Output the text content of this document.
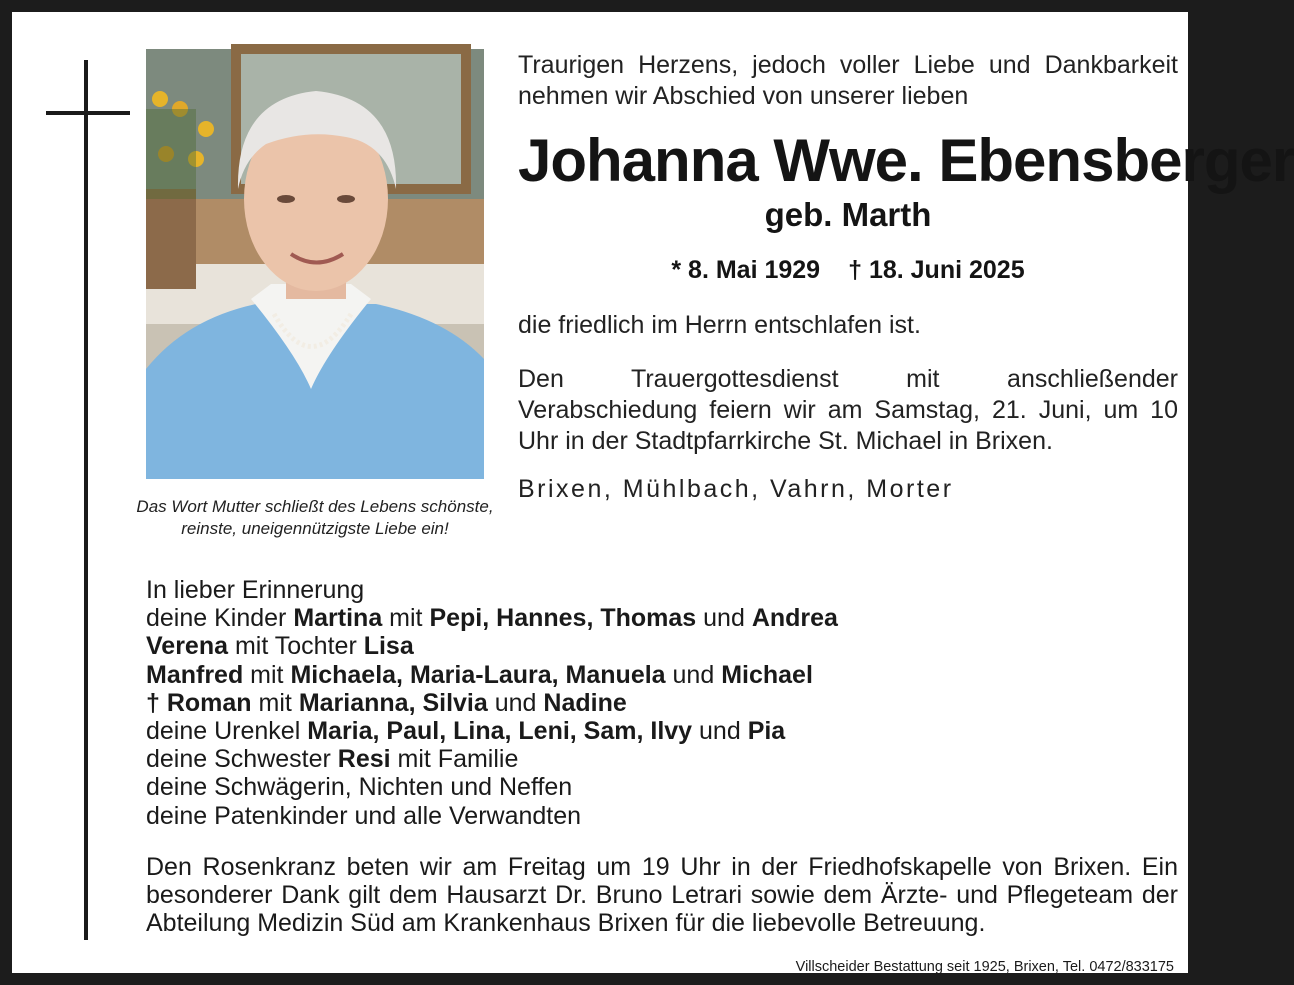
Das Wort Mutter schließt des Lebens schönste, reinste, uneigennützigste Liebe ein!
Traurigen Herzens, jedoch voller Liebe und Dankbarkeit nehmen wir Abschied von unserer lieben
Johanna Wwe. Ebensberger
geb. Marth
* 8. Mai 1929 † 18. Juni 2025
die friedlich im Herrn entschlafen ist.
Den Trauergottesdienst mit anschließender Verabschiedung feiern wir am Samstag, 21. Juni, um 10 Uhr in der Stadtpfarrkirche St. Michael in Brixen.
Brixen, Mühlbach, Vahrn, Morter
In lieber Erinnerung
deine Kinder Martina mit Pepi, Hannes, Thomas und Andrea
Verena mit Tochter Lisa
Manfred mit Michaela, Maria-Laura, Manuela und Michael
† Roman mit Marianna, Silvia und Nadine
deine Urenkel Maria, Paul, Lina, Leni, Sam, Ilvy und Pia
deine Schwester Resi mit Familie
deine Schwägerin, Nichten und Neffen
deine Patenkinder und alle Verwandten
Den Rosenkranz beten wir am Freitag um 19 Uhr in der Friedhofskapelle von Brixen. Ein besonderer Dank gilt dem Hausarzt Dr. Bruno Letrari sowie dem Ärzte- und Pflegeteam der Abteilung Medizin Süd am Krankenhaus Brixen für die liebevolle Betreuung.
Villscheider Bestattung seit 1925, Brixen, Tel. 0472/833175
